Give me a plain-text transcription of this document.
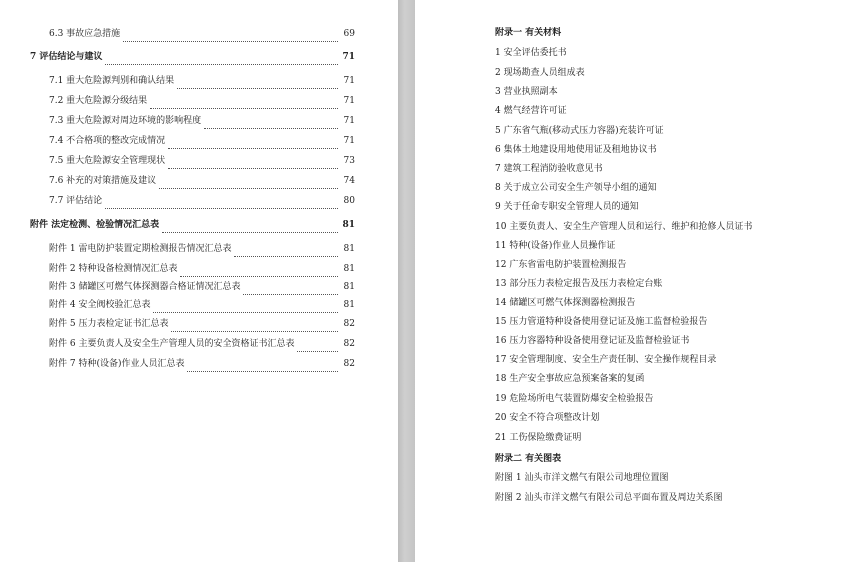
6.3 事故应急措施	69
7 评估结论与建议	71
7.1 重大危险源判别和确认结果	71
7.2 重大危险源分级结果	71
7.3 重大危险源对周边环境的影响程度	71
7.4 不合格项的整改完成情况	71
7.5 重大危险源安全管理现状	73
7.6 补充的对策措施及建议	74
7.7 评估结论	80
附件 法定检测、检验情况汇总表	81
附件 1 雷电防护装置定期检测报告情况汇总表	81
附件 2 特种设备检测情况汇总表	81
附件 3 储罐区可燃气体探测器合格证情况汇总表	81
附件 4 安全阀校验汇总表	81
附件 5 压力表检定证书汇总表	82
附件 6 主要负责人及安全生产管理人员的安全资格证书汇总表	82
附件 7 特种(设备)作业人员汇总表	82
附录一 有关材料
1 安全评估委托书
2 现场勘查人员组成表
3 营业执照副本
4 燃气经营许可证
5 广东省气瓶(移动式压力容器)充装许可证
6 集体土地建设用地使用证及租地协议书
7 建筑工程消防验收意见书
8 关于成立公司安全生产领导小组的通知
9 关于任命专职安全管理人员的通知
10 主要负责人、安全生产管理人员和运行、维护和抢修人员证书
11 特种(设备)作业人员操作证
12 广东省雷电防护装置检测报告
13 部分压力表检定报告及压力表检定台账
14 储罐区可燃气体探测器检测报告
15 压力管道特种设备使用登记证及施工监督检验报告
16 压力容器特种设备使用登记证及监督检验证书
17 安全管理制度、安全生产责任制、安全操作规程目录
18 生产安全事故应急预案备案的复函
19 危险场所电气装置防爆安全检验报告
20 安全不符合项整改计划
21 工伤保险缴费证明
附录二 有关图表
附图 1 汕头市洋文燃气有限公司地理位置图
附图 2 汕头市洋文燃气有限公司总平面布置及周边关系图
